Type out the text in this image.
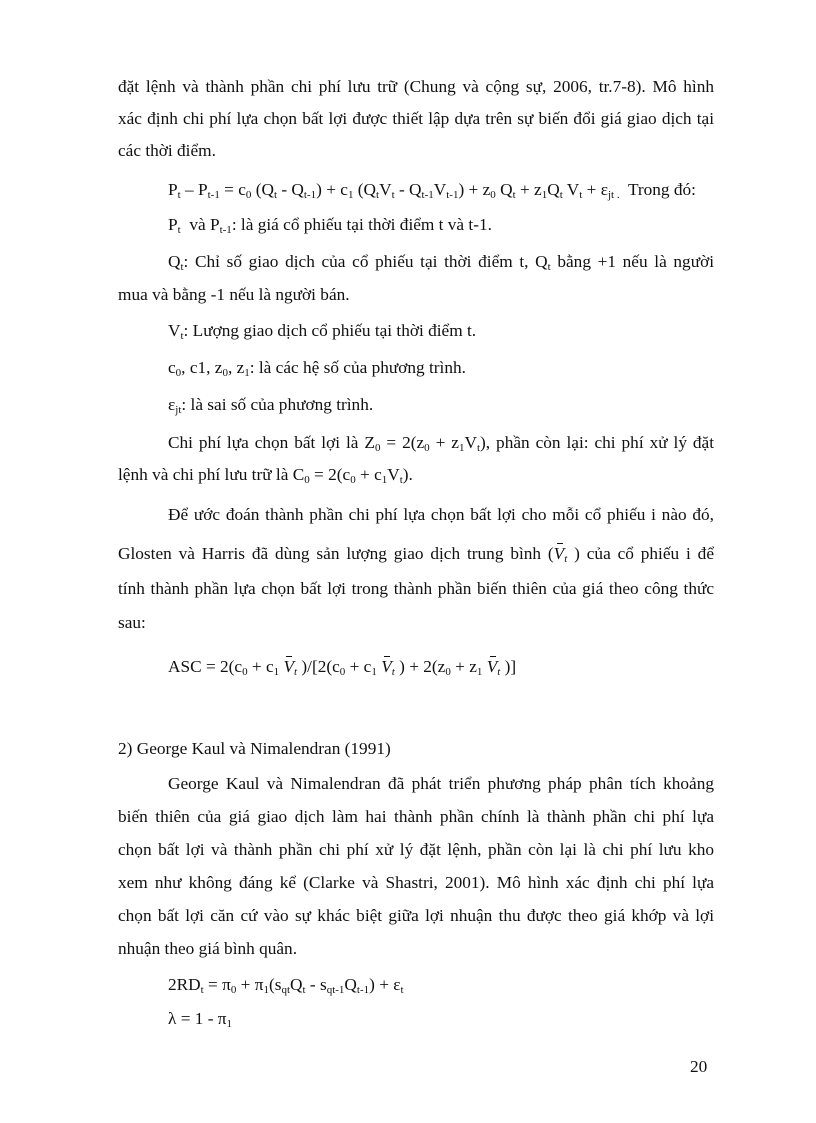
đặt lệnh và thành phần chi phí lưu trữ (Chung và cộng sự, 2006, tr.7-8). Mô hình
xác định chi phí lựa chọn bất lợi được thiết lập dựa trên sự biến đổi giá giao dịch tại
các thời điểm.
$P_t - P_{t-1} = c_0$ $(Q_t - Q_{t-1}) + c_1$ $(Q_tV_t - Q_{t-1}V_{t-1}) + z_0$ $Q_t + z_1Q_t$ $V_t + \varepsilon_{jt .}$ Trong đó:
$P_t$  và $P_{t-1}$: là giá cổ phiếu tại thời điểm t và t-1.
$Q_t$: Chỉ số giao dịch của cổ phiếu tại thời điểm t, $Q_t$ bằng +1 nếu là người
mua và bằng -1 nếu là người bán.
$V_t$: Lượng giao dịch cổ phiếu tại thời điểm t.
$c_0$, c1, $z_0$, $z_1$: là các hệ số của phương trình.
$\varepsilon_{jt}$: là sai số của phương trình.
Chi phí lựa chọn bất lợi là $Z_0 = 2(z_0 + z_1V_t)$, phần còn lại: chi phí xử lý đặt
lệnh và chi phí lưu trữ là $C_0 = 2(c_0 + c_1V_t)$.
Để ước đoán thành phần chi phí lựa chọn bất lợi cho mỗi cổ phiếu i nào đó,
Glosten và Harris đã dùng sản lượng giao dịch trung bình ($V_t$ ) của cổ phiếu i để
tính thành phần lựa chọn bất lợi trong thành phần biến thiên của giá theo công thức
sau:
ASC = $2(c_0 + c_1$ $V_t$ )$/[2(c_0 + c_1$ $V_t$ ) + $2(z_0 + z_1$ $V_t$ )]
2) George Kaul và Nimalendran (1991)
George Kaul và Nimalendran đã phát triển phương pháp phân tích khoảng
biến thiên của giá giao dịch làm hai thành phần chính là thành phần chi phí lựa
chọn bất lợi và thành phần chi phí xử lý đặt lệnh, phần còn lại là chi phí lưu kho
xem như không đáng kể (Clarke và Shastri, 2001). Mô hình xác định chi phí lựa
chọn bất lợi căn cứ vào sự khác biệt giữa lợi nhuận thu được theo giá khớp và lợi
nhuận theo giá bình quân.
$2RD_t = \pi_0 + \pi_1(s_{qt}Q_t - s_{qt-1}Q_{t-1}) + \varepsilon_t$
$\lambda = 1 - \pi_1$
20
